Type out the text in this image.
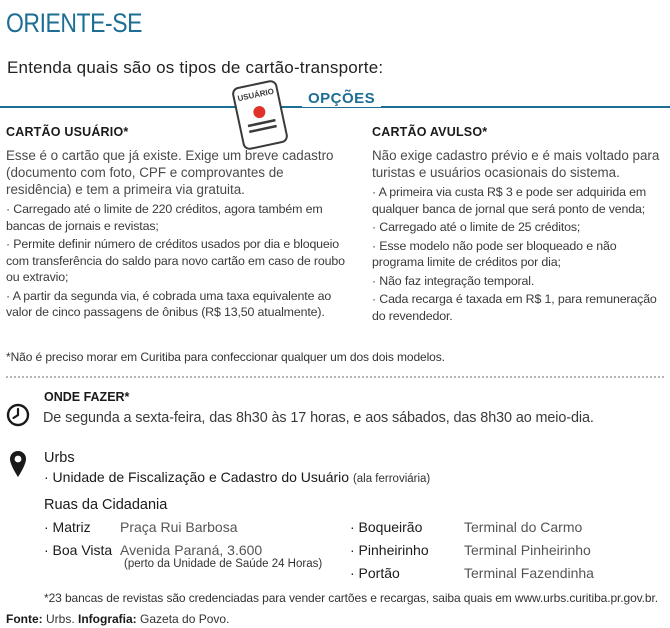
ORIENTE-SE
Entenda quais são os tipos de cartão-transporte:
USUÁRIO	OPÇÕES
CARTÃO USUÁRIO*

Esse é o cartão que já existe. Exige um breve cadastro (documento com foto, CPF e comprovantes de residência) e tem a primeira via gratuita.

· Carregado até o limite de 220 créditos, agora também em bancas de jornais e revistas;
· Permite definir número de créditos usados por dia e bloqueio com transferência do saldo para novo cartão em caso de roubo ou extravio;
· A partir da segunda via, é cobrada uma taxa equivalente ao valor de cinco passagens de ônibus (R$ 13,50 atualmente).
CARTÃO AVULSO*

Não exige cadastro prévio e é mais voltado para turistas e usuários ocasionais do sistema.

· A primeira via custa R$ 3 e pode ser adquirida em qualquer banca de jornal que será ponto de venda;
· Carregado até o limite de 25 créditos;
· Esse modelo não pode ser bloqueado e não programa limite de créditos por dia;
· Não faz integração temporal.
· Cada recarga é taxada em R$ 1, para remuneração do revendedor.
*Não é preciso morar em Curitiba para confeccionar qualquer um dos dois modelos.
ONDE FAZER*
De segunda a sexta-feira, das 8h30 às 17 horas, e aos sábados, das 8h30 ao meio-dia.
Urbs
· Unidade de Fiscalização e Cadastro do Usuário (ala ferroviária)
Ruas da Cidadania
· Matriz Praça Rui Barbosa
· Boa Vista Avenida Paraná, 3.600
(perto da Unidade de Saúde 24 Horas)
· Boqueirão	Terminal do Carmo
· Pinheirinho	Terminal Pinheirinho
· Portão	Terminal Fazendinha
*23 bancas de revistas são credenciadas para vender cartões e recargas, saiba quais em www.urbs.curitiba.pr.gov.br.
Fonte: Urbs. Infografia: Gazeta do Povo.
